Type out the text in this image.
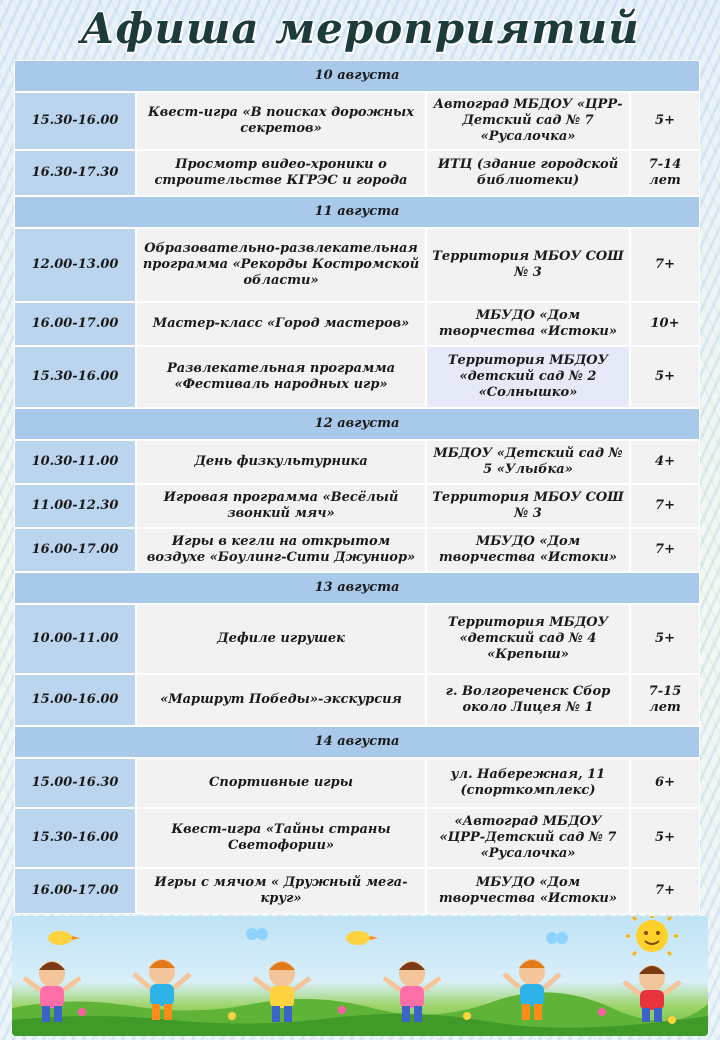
Афиша мероприятий
10 августа			
15.30-16.00	Квест-игра «В поисках дорожных секретов»	Автоград МБДОУ «ЦРР-Детский сад № 7 «Русалочка»	5+
16.30-17.30	Просмотр видео-хроники о строительстве КГРЭС и города	ИТЦ (здание городской библиотеки)	7-14 лет
11 августа			
12.00-13.00	Образовательно-развлекательная программа «Рекорды Костромской области»	Территория МБОУ СОШ № 3	7+
16.00-17.00	Мастер-класс «Город мастеров»	МБУДО «Дом творчества «Истоки»	10+
15.30-16.00	Развлекательная программа «Фестиваль народных игр»	Территория МБДОУ «детский сад № 2 «Солнышко»	5+
12 августа			
10.30-11.00	День физкультурника	МБДОУ «Детский сад № 5 «Улыбка»	4+
11.00-12.30	Игровая программа «Весёлый звонкий мяч»	Территория МБОУ СОШ № 3	7+
16.00-17.00	Игры в кегли на открытом воздухе «Боулинг-Сити Джуниор»	МБУДО «Дом творчества «Истоки»	7+
13 августа			
10.00-11.00	Дефиле игрушек	Территория МБДОУ «детский сад № 4 «Крепыш»	5+
15.00-16.00	«Маршрут Победы»-экскурсия	г. Волгореченск Сбор около Лицея № 1	7-15 лет
14 августа			
15.00-16.30	Спортивные игры	ул. Набережная, 11 (спорткомплекс)	6+
15.30-16.00	Квест-игра «Тайны страны Светофории»	«Автоград МБДОУ «ЦРР-Детский сад № 7 «Русалочка»	5+
16.00-17.00	Игры с мячом « Дружный мега-круг»	МБУДО «Дом творчества «Истоки»	7+
